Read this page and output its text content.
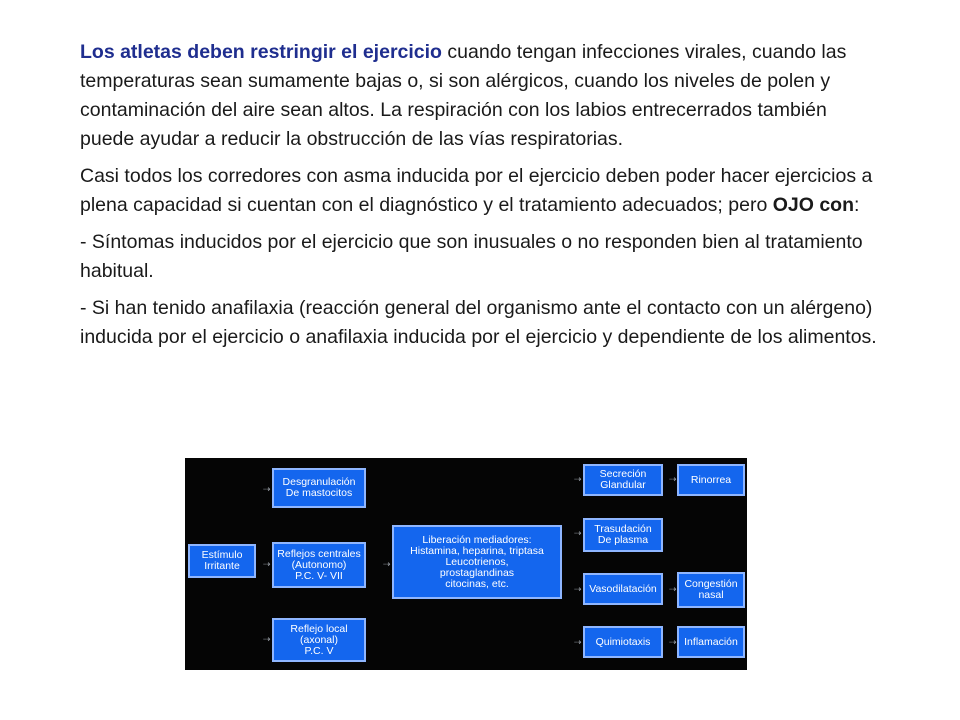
Los atletas deben restringir el ejercicio cuando tengan infecciones virales, cuando las temperaturas sean sumamente bajas o, si son alérgicos, cuando los niveles de polen y contaminación del aire sean altos. La respiración con los labios entrecerrados también puede ayudar a reducir la obstrucción de las vías respiratorias.

Casi todos los corredores con asma inducida por el ejercicio deben poder hacer ejercicios a plena capacidad si cuentan con el diagnóstico y el tratamiento adecuados; pero OJO con:

- Síntomas inducidos por el ejercicio que son inusuales o no responden bien al tratamiento habitual.

- Si han tenido anafilaxia (reacción general del organismo ante el contacto con un alérgeno) inducida por el ejercicio o anafilaxia inducida por el ejercicio y dependiente de los alimentos.

Estímulo
Irritante
⇢
Desgranulación
De mastocitos
⇢
Reflejos centrales
(Autonomo)
P.C. V- VII
⇢
Reflejo local
(axonal)
P.C. V
⇢
Liberación mediadores:
Histamina, heparina, triptasa
Leucotrienos,
prostaglandinas
citocinas, etc.
⇢ Secreción
Glandular
⇢ Trasudación
De plasma
⇢ Vasodilatación
⇢ Quimiotaxis
⇢ Rinorrea
⇢ Congestión
nasal
⇢ Inflamación
